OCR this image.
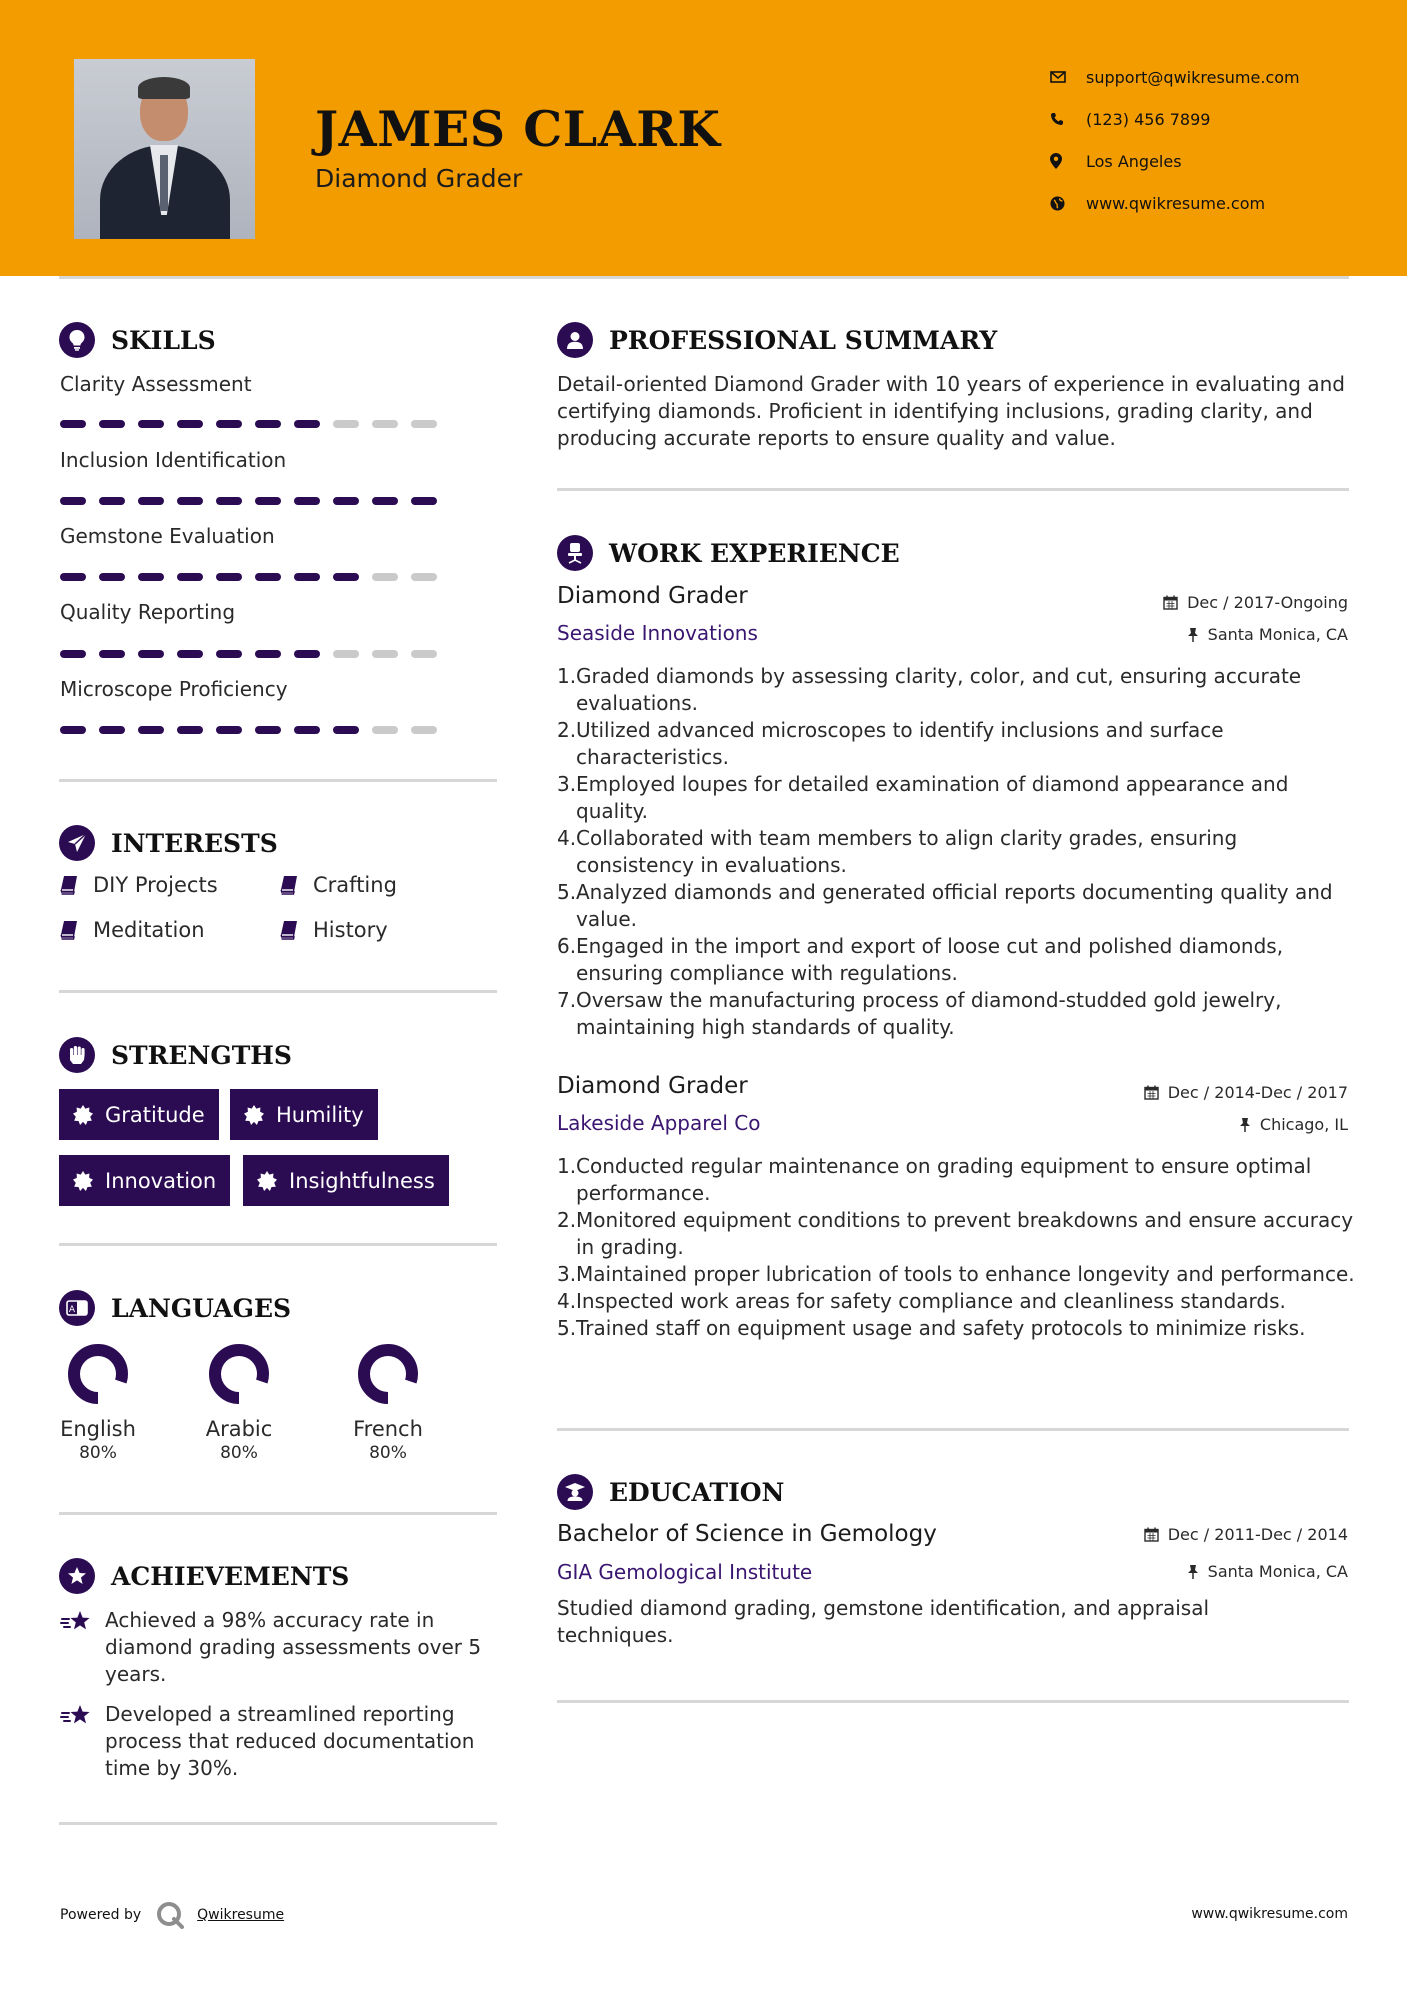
JAMES CLARK
Diamond Grader
support@qwikresume.com
(123) 456 7899
Los Angeles
www.qwikresume.com
SKILLS
Clarity Assessment
Inclusion Identification
Gemstone Evaluation
Quality Reporting
Microscope Proficiency
INTERESTS
DIY Projects	Crafting
Meditation	History
STRENGTHS
Gratitude	Humility
Innovation	Insightfulness
A LANGUAGES
English
80%
Arabic
80%
French
80%
ACHIEVEMENTS
Achieved a 98% accuracy rate in diamond grading assessments over 5 years.
Developed a streamlined reporting process that reduced documentation time by 30%.
PROFESSIONAL SUMMARY
Detail-oriented Diamond Grader with 10 years of experience in evaluating and certifying diamonds. Proficient in identifying inclusions, grading clarity, and producing accurate reports to ensure quality and value.
WORK EXPERIENCE
Diamond Grader	Dec / 2017-Ongoing
Seaside Innovations	Santa Monica, CA
1. Graded diamonds by assessing clarity, color, and cut, ensuring accurate evaluations.
2. Utilized advanced microscopes to identify inclusions and surface characteristics.
3. Employed loupes for detailed examination of diamond appearance and quality.
4. Collaborated with team members to align clarity grades, ensuring consistency in evaluations.
5. Analyzed diamonds and generated official reports documenting quality and value.
6. Engaged in the import and export of loose cut and polished diamonds, ensuring compliance with regulations.
7. Oversaw the manufacturing process of diamond-studded gold jewelry, maintaining high standards of quality.
Diamond Grader	Dec / 2014-Dec / 2017
Lakeside Apparel Co	Chicago, IL
1. Conducted regular maintenance on grading equipment to ensure optimal performance.
2. Monitored equipment conditions to prevent breakdowns and ensure accuracy in grading.
3. Maintained proper lubrication of tools to enhance longevity and performance.
4. Inspected work areas for safety compliance and cleanliness standards.
5. Trained staff on equipment usage and safety protocols to minimize risks.
EDUCATION
Bachelor of Science in Gemology	Dec / 2011-Dec / 2014
GIA Gemological Institute	Santa Monica, CA
Studied diamond grading, gemstone identification, and appraisal techniques.
Powered by	Qwikresume	www.qwikresume.com
